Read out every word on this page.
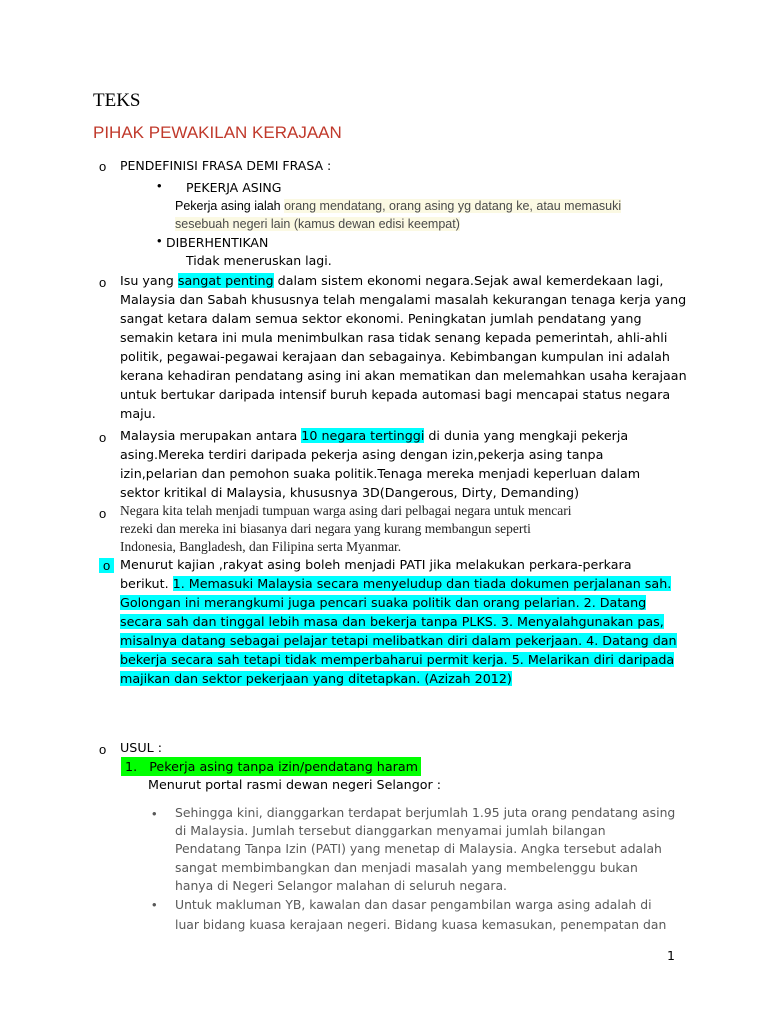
TEKS
PIHAK PEWAKILAN KERAJAAN
o PENDEFINISI FRASA DEMI FRASA :
• PEKERJA ASING
Pekerja asing ialah orang mendatang, orang asing yg datang ke, atau memasuki
sesebuah negeri lain (kamus dewan edisi keempat)
• DIBERHENTIKAN
Tidak meneruskan lagi.
o Isu yang sangat penting dalam sistem ekonomi negara.Sejak awal kemerdekaan lagi,
Malaysia dan Sabah khususnya telah mengalami masalah kekurangan tenaga kerja yang
sangat ketara dalam semua sektor ekonomi. Peningkatan jumlah pendatang yang
semakin ketara ini mula menimbulkan rasa tidak senang kepada pemerintah, ahli-ahli
politik, pegawai-pegawai kerajaan dan sebagainya. Kebimbangan kumpulan ini adalah
kerana kehadiran pendatang asing ini akan mematikan dan melemahkan usaha kerajaan
untuk bertukar daripada intensif buruh kepada automasi bagi mencapai status negara
maju.
o Malaysia merupakan antara 10 negara tertinggi di dunia yang mengkaji pekerja
asing.Mereka terdiri daripada pekerja asing dengan izin,pekerja asing tanpa
izin,pelarian dan pemohon suaka politik.Tenaga mereka menjadi keperluan dalam
sektor kritikal di Malaysia, khususnya 3D(Dangerous, Dirty, Demanding)
o Negara kita telah menjadi tumpuan warga asing dari pelbagai negara untuk mencari
rezeki dan mereka ini biasanya dari negara yang kurang membangun seperti
Indonesia, Bangladesh, dan Filipina serta Myanmar.
o Menurut kajian ,rakyat asing boleh menjadi PATI jika melakukan perkara-perkara
berikut. 1. Memasuki Malaysia secara menyeludup dan tiada dokumen perjalanan sah.
Golongan ini merangkumi juga pencari suaka politik dan orang pelarian. 2. Datang
secara sah dan tinggal lebih masa dan bekerja tanpa PLKS. 3. Menyalahgunakan pas,
misalnya datang sebagai pelajar tetapi melibatkan diri dalam pekerjaan. 4. Datang dan
bekerja secara sah tetapi tidak memperbaharui permit kerja. 5. Melarikan diri daripada
majikan dan sektor pekerjaan yang ditetapkan. (Azizah 2012)
o USUL :
1. Pekerja asing tanpa izin/pendatang haram
Menurut portal rasmi dewan negeri Selangor :
• Sehingga kini, dianggarkan terdapat berjumlah 1.95 juta orang pendatang asing
di Malaysia. Jumlah tersebut dianggarkan menyamai jumlah bilangan
Pendatang Tanpa Izin (PATI) yang menetap di Malaysia. Angka tersebut adalah
sangat membimbangkan dan menjadi masalah yang membelenggu bukan
hanya di Negeri Selangor malahan di seluruh negara.
• Untuk makluman YB, kawalan dan dasar pengambilan warga asing adalah di
luar bidang kuasa kerajaan negeri. Bidang kuasa kemasukan, penempatan dan
1
